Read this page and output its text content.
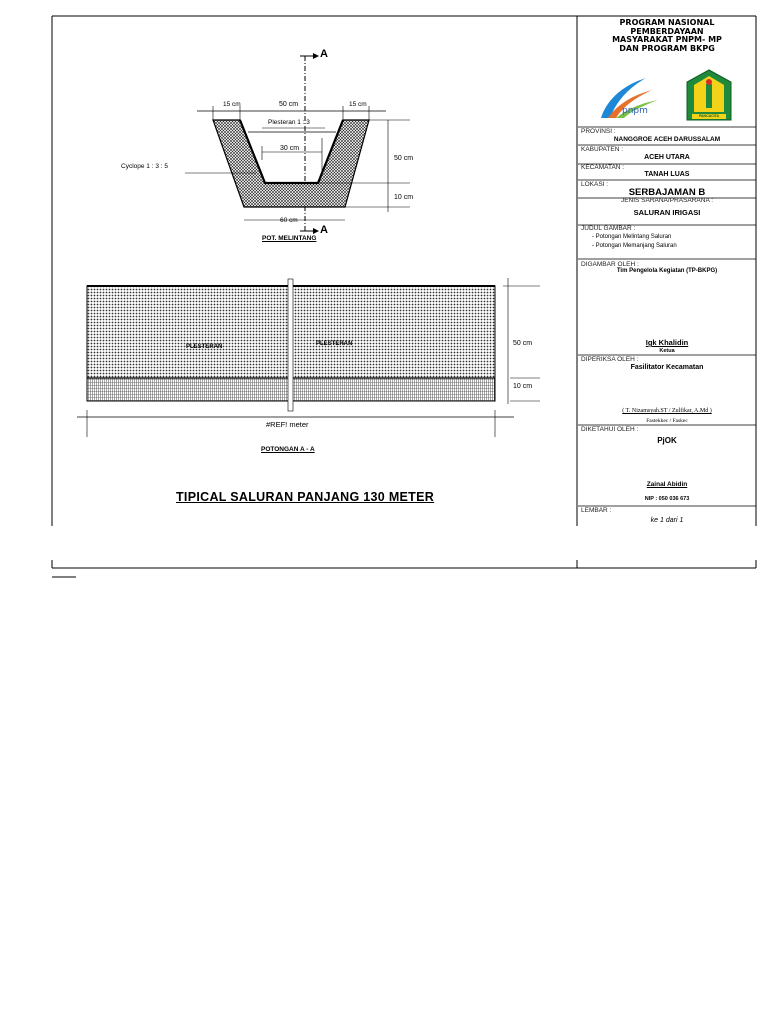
A
A
15 cm	50 cm	15 cm
Plesteran 1 : 3
30 cm
Cyclope 1 : 3 : 5
50 cm
10 cm
60 cm
POT. MELINTANG
PLESTERAN	PLESTERAN	50 cm
10 cm
#REF! meter
POTONGAN A - A
TIPICAL SALURAN PANJANG 130 METER
PROGRAM NASIONAL
PEMBERDAYAAN
MASYARAKAT PNPM- MP
DAN PROGRAM BKPG
pnpm	PANCACITA
PROVINSI :
NANGGROE ACEH DARUSSALAM
KABUPATEN :
ACEH UTARA
KECAMATAN :
TANAH LUAS
LOKASI :
SERBAJAMAN B
JENIS SARANA/PRASARANA :
SALURAN IRIGASI
JUDUL GAMBAR :
- Potongan Melintang Saluran
- Potongan Memanjang Saluran
DIGAMBAR OLEH :
Tim Pengelola Kegiatan (TP-BKPG)
Igk Khalidin
Ketua
DIPERIKSA OLEH :
Fasilitator Kecamatan
( T. Nizamsyah.ST / Zulfikar, A.Md )
Fastekkec / Faskec
DIKETAHUI OLEH :
PjOK
Zainal Abidin
NIP : 050 036 673
LEMBAR :
ke 1 dari 1
